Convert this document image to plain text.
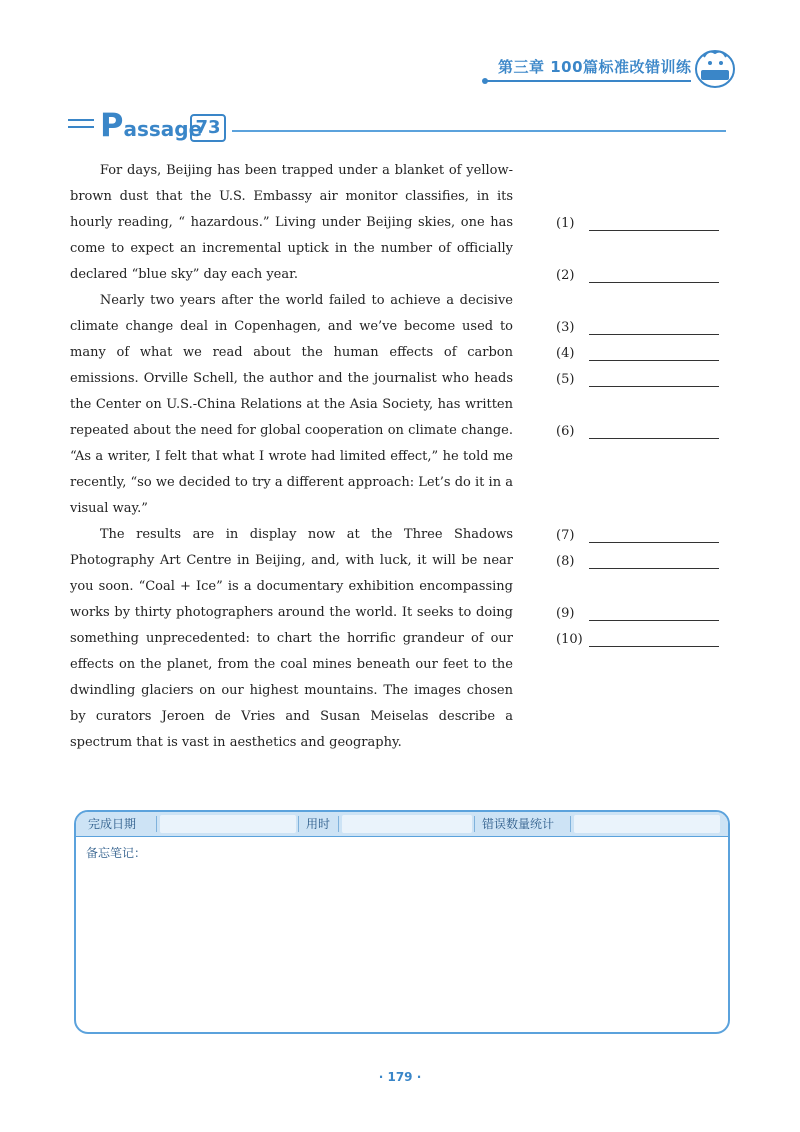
第三章 100篇标准改错训练
Passage
73

For days, Beijing has been trapped under a blanket of yellow-brown dust that the U.S. Embassy air monitor classifies, in its hourly reading, “ hazardous.” Living under Beijing skies, one has come to expect an incremental uptick in the number of officially declared “blue sky” day each year.

Nearly two years after the world failed to achieve a decisive climate change deal in Copenhagen, and we’ve become used to many of what we read about the human effects of carbon emissions. Orville Schell, the author and the journalist who heads the Center on U.S.-China Relations at the Asia Society, has written repeated about the need for global cooperation on climate change. “As a writer, I felt that what I wrote had limited effect,” he told me recently, “so we decided to try a different approach: Let’s do it in a visual way.”

The results are in display now at the Three Shadows Photography Art Centre in Beijing, and, with luck, it will be near you soon. “Coal + Ice” is a documentary exhibition encompassing works by thirty photographers around the world. It seeks to doing something unprecedented: to chart the horrific grandeur of our effects on the planet, from the coal mines beneath our feet to the dwindling glaciers on our highest mountains. The images chosen by curators Jeroen de Vries and Susan Meiselas describe a spectrum that is vast in aesthetics and geography.

(1)
(2)
(3)
(4)
(5)
(6)
(7)
(8)
(9)
(10)
完成日期	用时	错误数量统计
备忘笔记：
· 179 ·
